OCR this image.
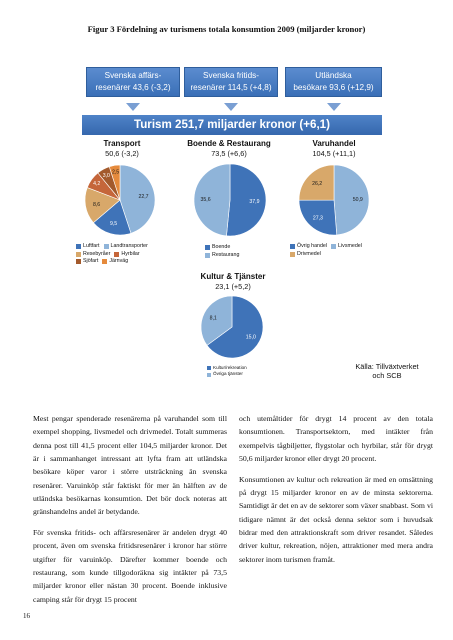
Figur 3 Fördelning av turismens totala konsumtion 2009 (miljarder kronor)
Svenska affärs-
resenärer 43,6 (-3,2)
Svenska fritids-
resenärer 114,5 (+4,8)
Utländska
besökare 93,6 (+12,9)
Turism 251,7 miljarder kronor (+6,1)
Transport
50,6 (-3,2)
Boende & Restaurang
73,5 (+6,6)
Varuhandel
104,5 (+11,1)
Kultur & Tjänster
23,1 (+5,2)
22,7
9,5
8,6
4,2
3,0
2,5
37,9
35,6	50,9
27,3
26,2
15,0
8,1
Luftfart Landtransporter
Resebyråer Hyrbilar
Sjöfart Järnväg
Boende
Restaurang
Övrig handel Livsmedel
Drivmedel
Kultur/rekreation
Övriga tjänster
Källa: Tillväxtverket
och SCB

Mest pengar spenderade resenärerna på varuhandel som till exempel shopping, livsmedel och drivmedel. Totalt summeras denna post till 41,5 procent eller 104,5 miljarder kronor. Det är i sammanhanget intressant att lyfta fram att utländska besökare köper varor i större utsträckning än svenska resenärer. Varuinköp står faktiskt för mer än hälften av de utländska besökarnas konsumtion. Det bör dock noteras att gränshandelns andel är betydande.

För svenska fritids- och affärsresenärer är andelen drygt 40 procent, även om svenska fritidsresenärer i kronor har större utgifter för varuinköp. Därefter kommer boende och restaurang, som kunde tillgodoräkna sig intäkter på 73,5 miljarder kronor eller nästan 30 procent. Boende inklusive camping står för drygt 15 procent

och utemåltider för drygt 14 procent av den totala konsumtionen. Transportsektorn, med intäkter från exempelvis tågbiljetter, flygstolar och hyrbilar, står för drygt 50,6 miljarder kronor eller drygt 20 procent.

Konsumtionen av kultur och rekreation är med en omsättning på drygt 15 miljarder kronor en av de minsta sektorerna. Samtidigt är det en av de sektorer som växer snabbast. Som vi tidigare nämnt är det också denna sektor som i huvudsak bidrar med den attraktionskraft som driver resandet. Således driver kultur, rekreation, nöjen, attraktioner med mera andra sektorer inom turismen framåt.

16
